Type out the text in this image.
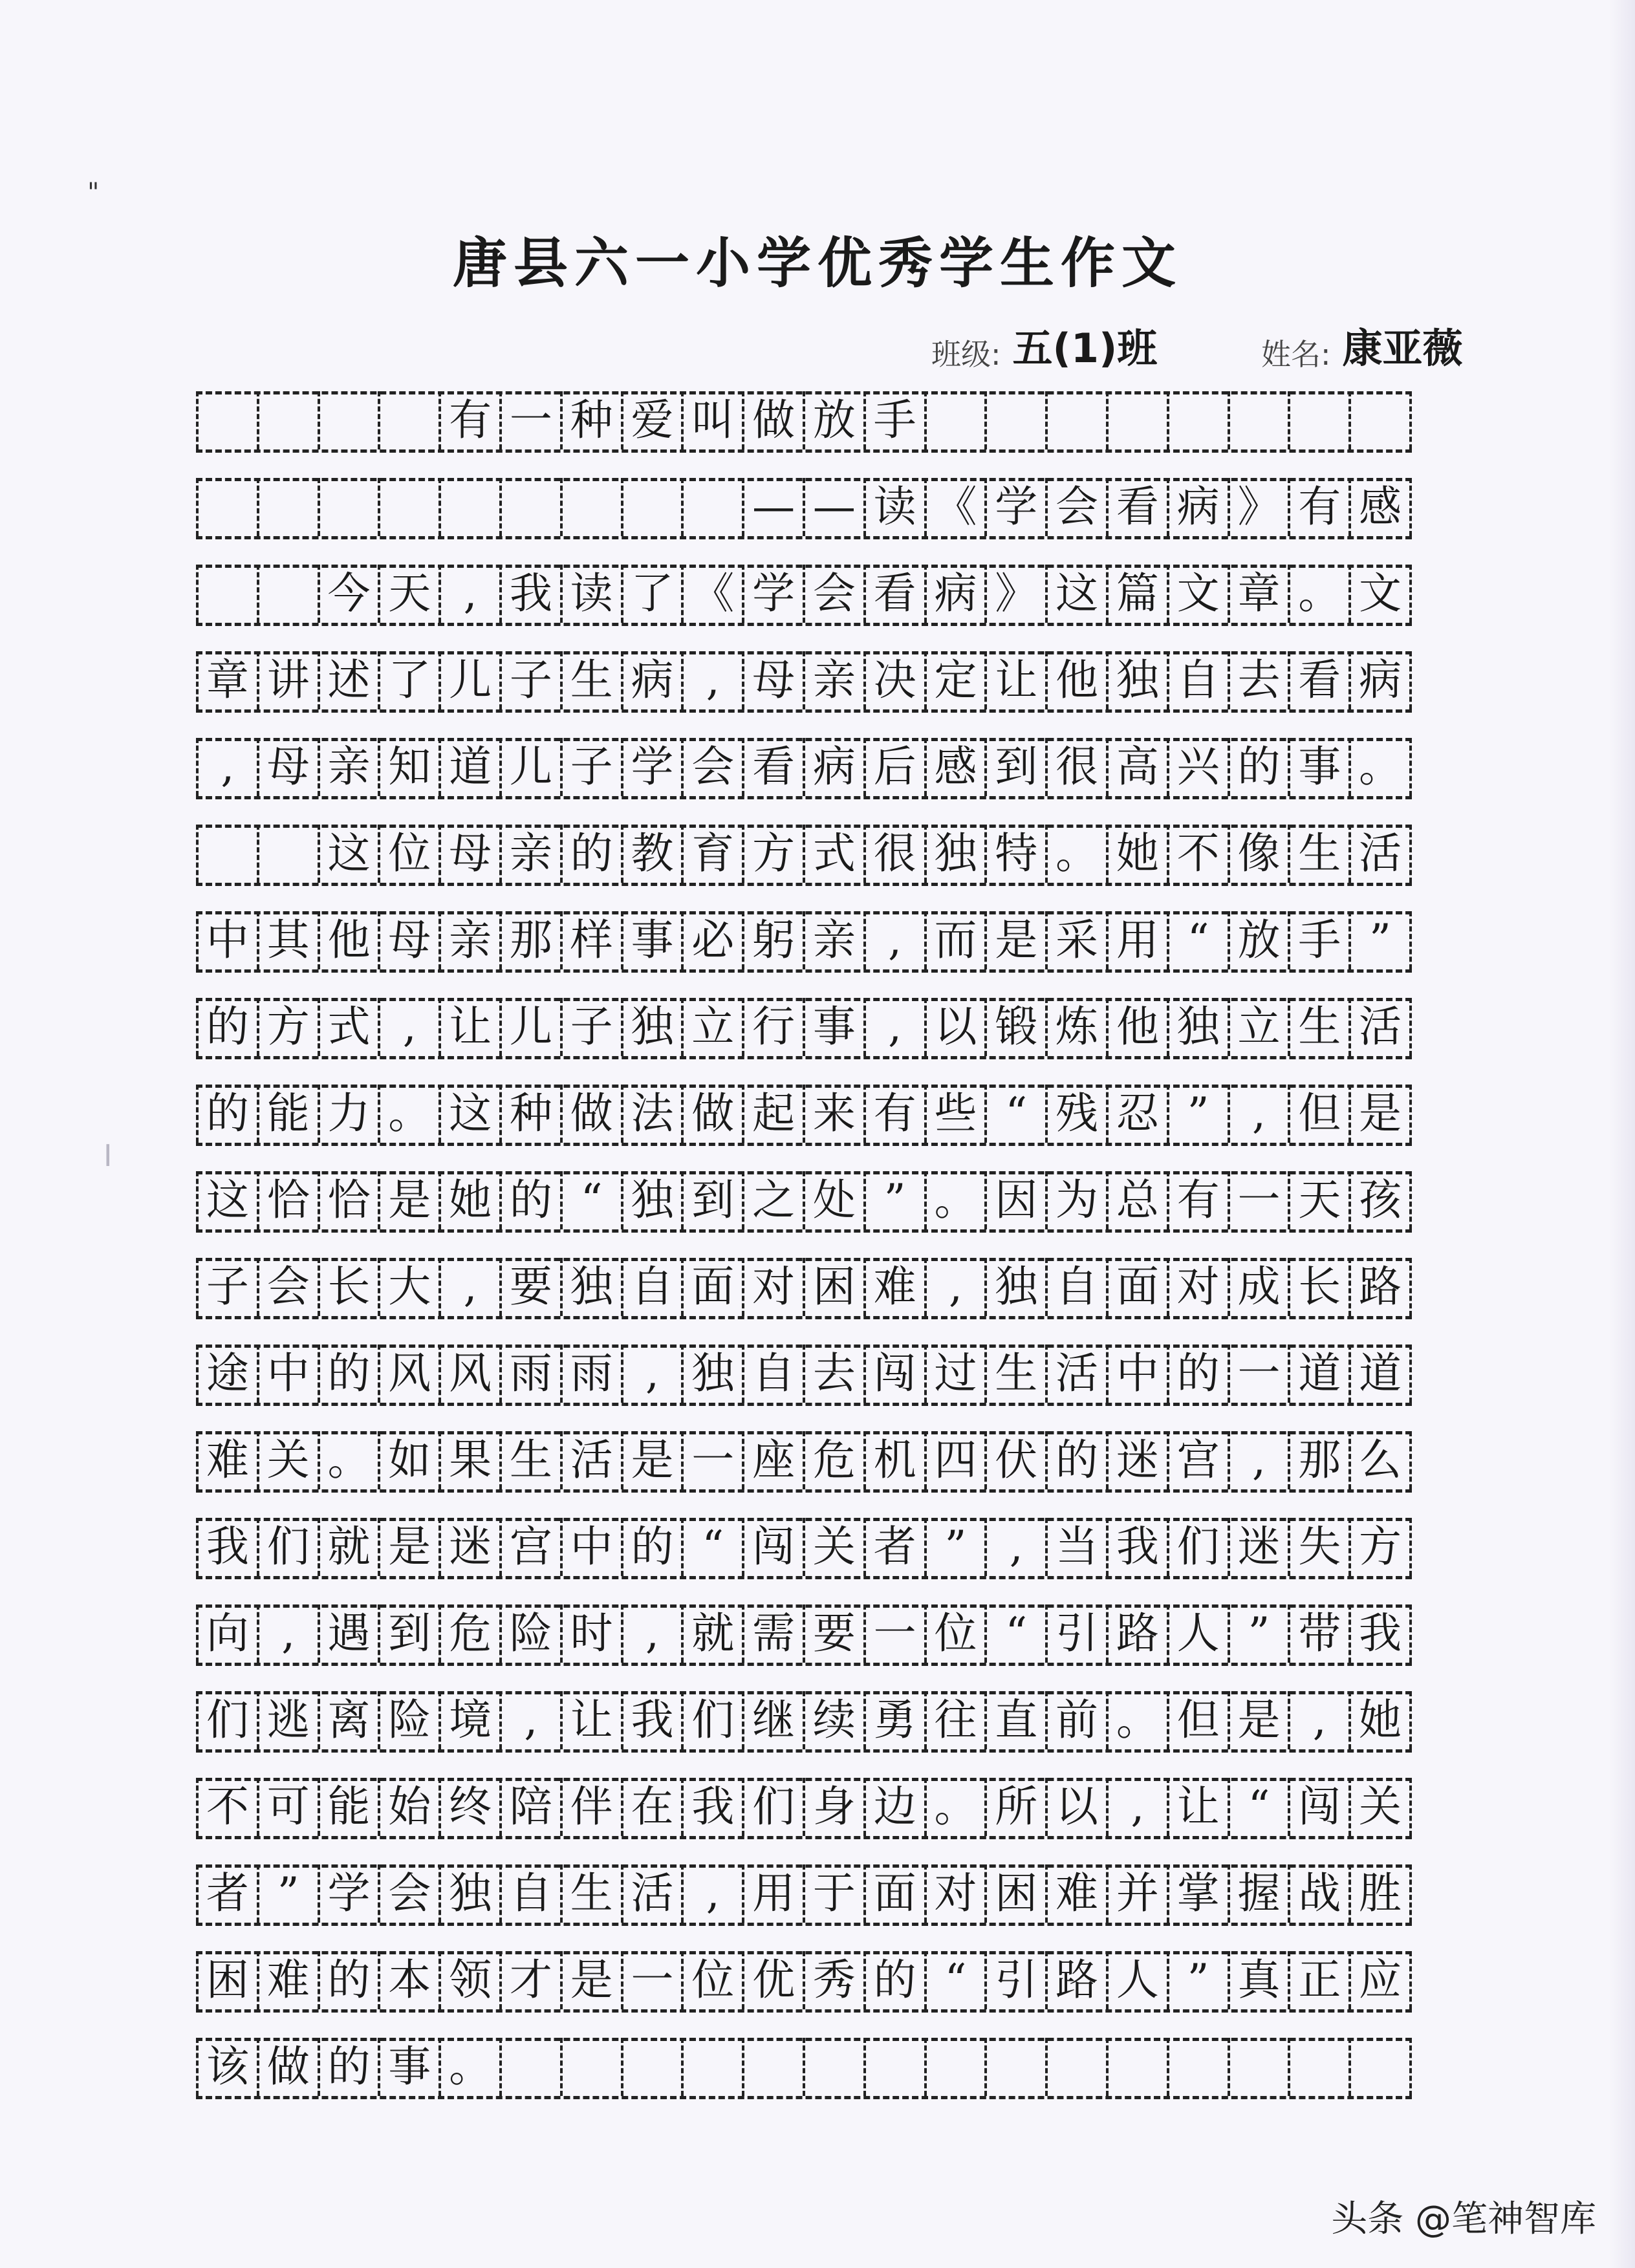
"
唐县六一小学优秀学生作文
班级: 五(1)班	姓名: 康亚薇
有 一 种 爱 叫 做 放 手
— — 读 《 学 会 看 病 》 有 感
今 天 , 我 读 了 《 学 会 看 病 》 这 篇 文 章 。 文
章 讲 述 了 儿 子 生 病 , 母 亲 决 定 让 他 独 自 去 看 病
, 母 亲 知 道 儿 子 学 会 看 病 后 感 到 很 高 兴 的 事 。
这 位 母 亲 的 教 育 方 式 很 独 特 。 她 不 像 生 活
中 其 他 母 亲 那 样 事 必 躬 亲 , 而 是 采 用 “ 放 手 ”
的 方 式 , 让 儿 子 独 立 行 事 , 以 锻 炼 他 独 立 生 活
的 能 力 。 这 种 做 法 做 起 来 有 些 “ 残 忍 ”	, 但 是
这 恰 恰 是 她 的 “ 独 到 之 处 ” 。 因 为 总 有 一 天 孩
子 会 长 大 , 要 独 自 面 对 困 难 , 独 自 面 对 成 长 路
途 中 的 风 风 雨 雨 , 独 自 去 闯 过 生 活 中 的 一 道 道
难 关 。 如 果 生 活 是 一 座 危 机 四 伏 的 迷 宫 , 那 么
我 们 就 是 迷 宫 中 的 “ 闯 关 者 ”	, 当 我 们 迷 失 方
向 , 遇 到 危 险 时 , 就 需 要 一 位 “ 引 路 人 ” 带 我
们 逃 离 险 境 , 让 我 们 继 续 勇 往 直 前 。 但 是 , 她
不 可 能 始 终 陪 伴 在 我 们 身 边 。 所 以 , 让 “ 闯 关
者 ” 学 会 独 自 生 活 , 用 于 面 对 困 难 并 掌 握 战 胜
困 难 的 本 领 才 是 一 位 优 秀 的 “ 引 路 人 ” 真 正 应
该 做 的 事 。
I
头条 @笔神智库
